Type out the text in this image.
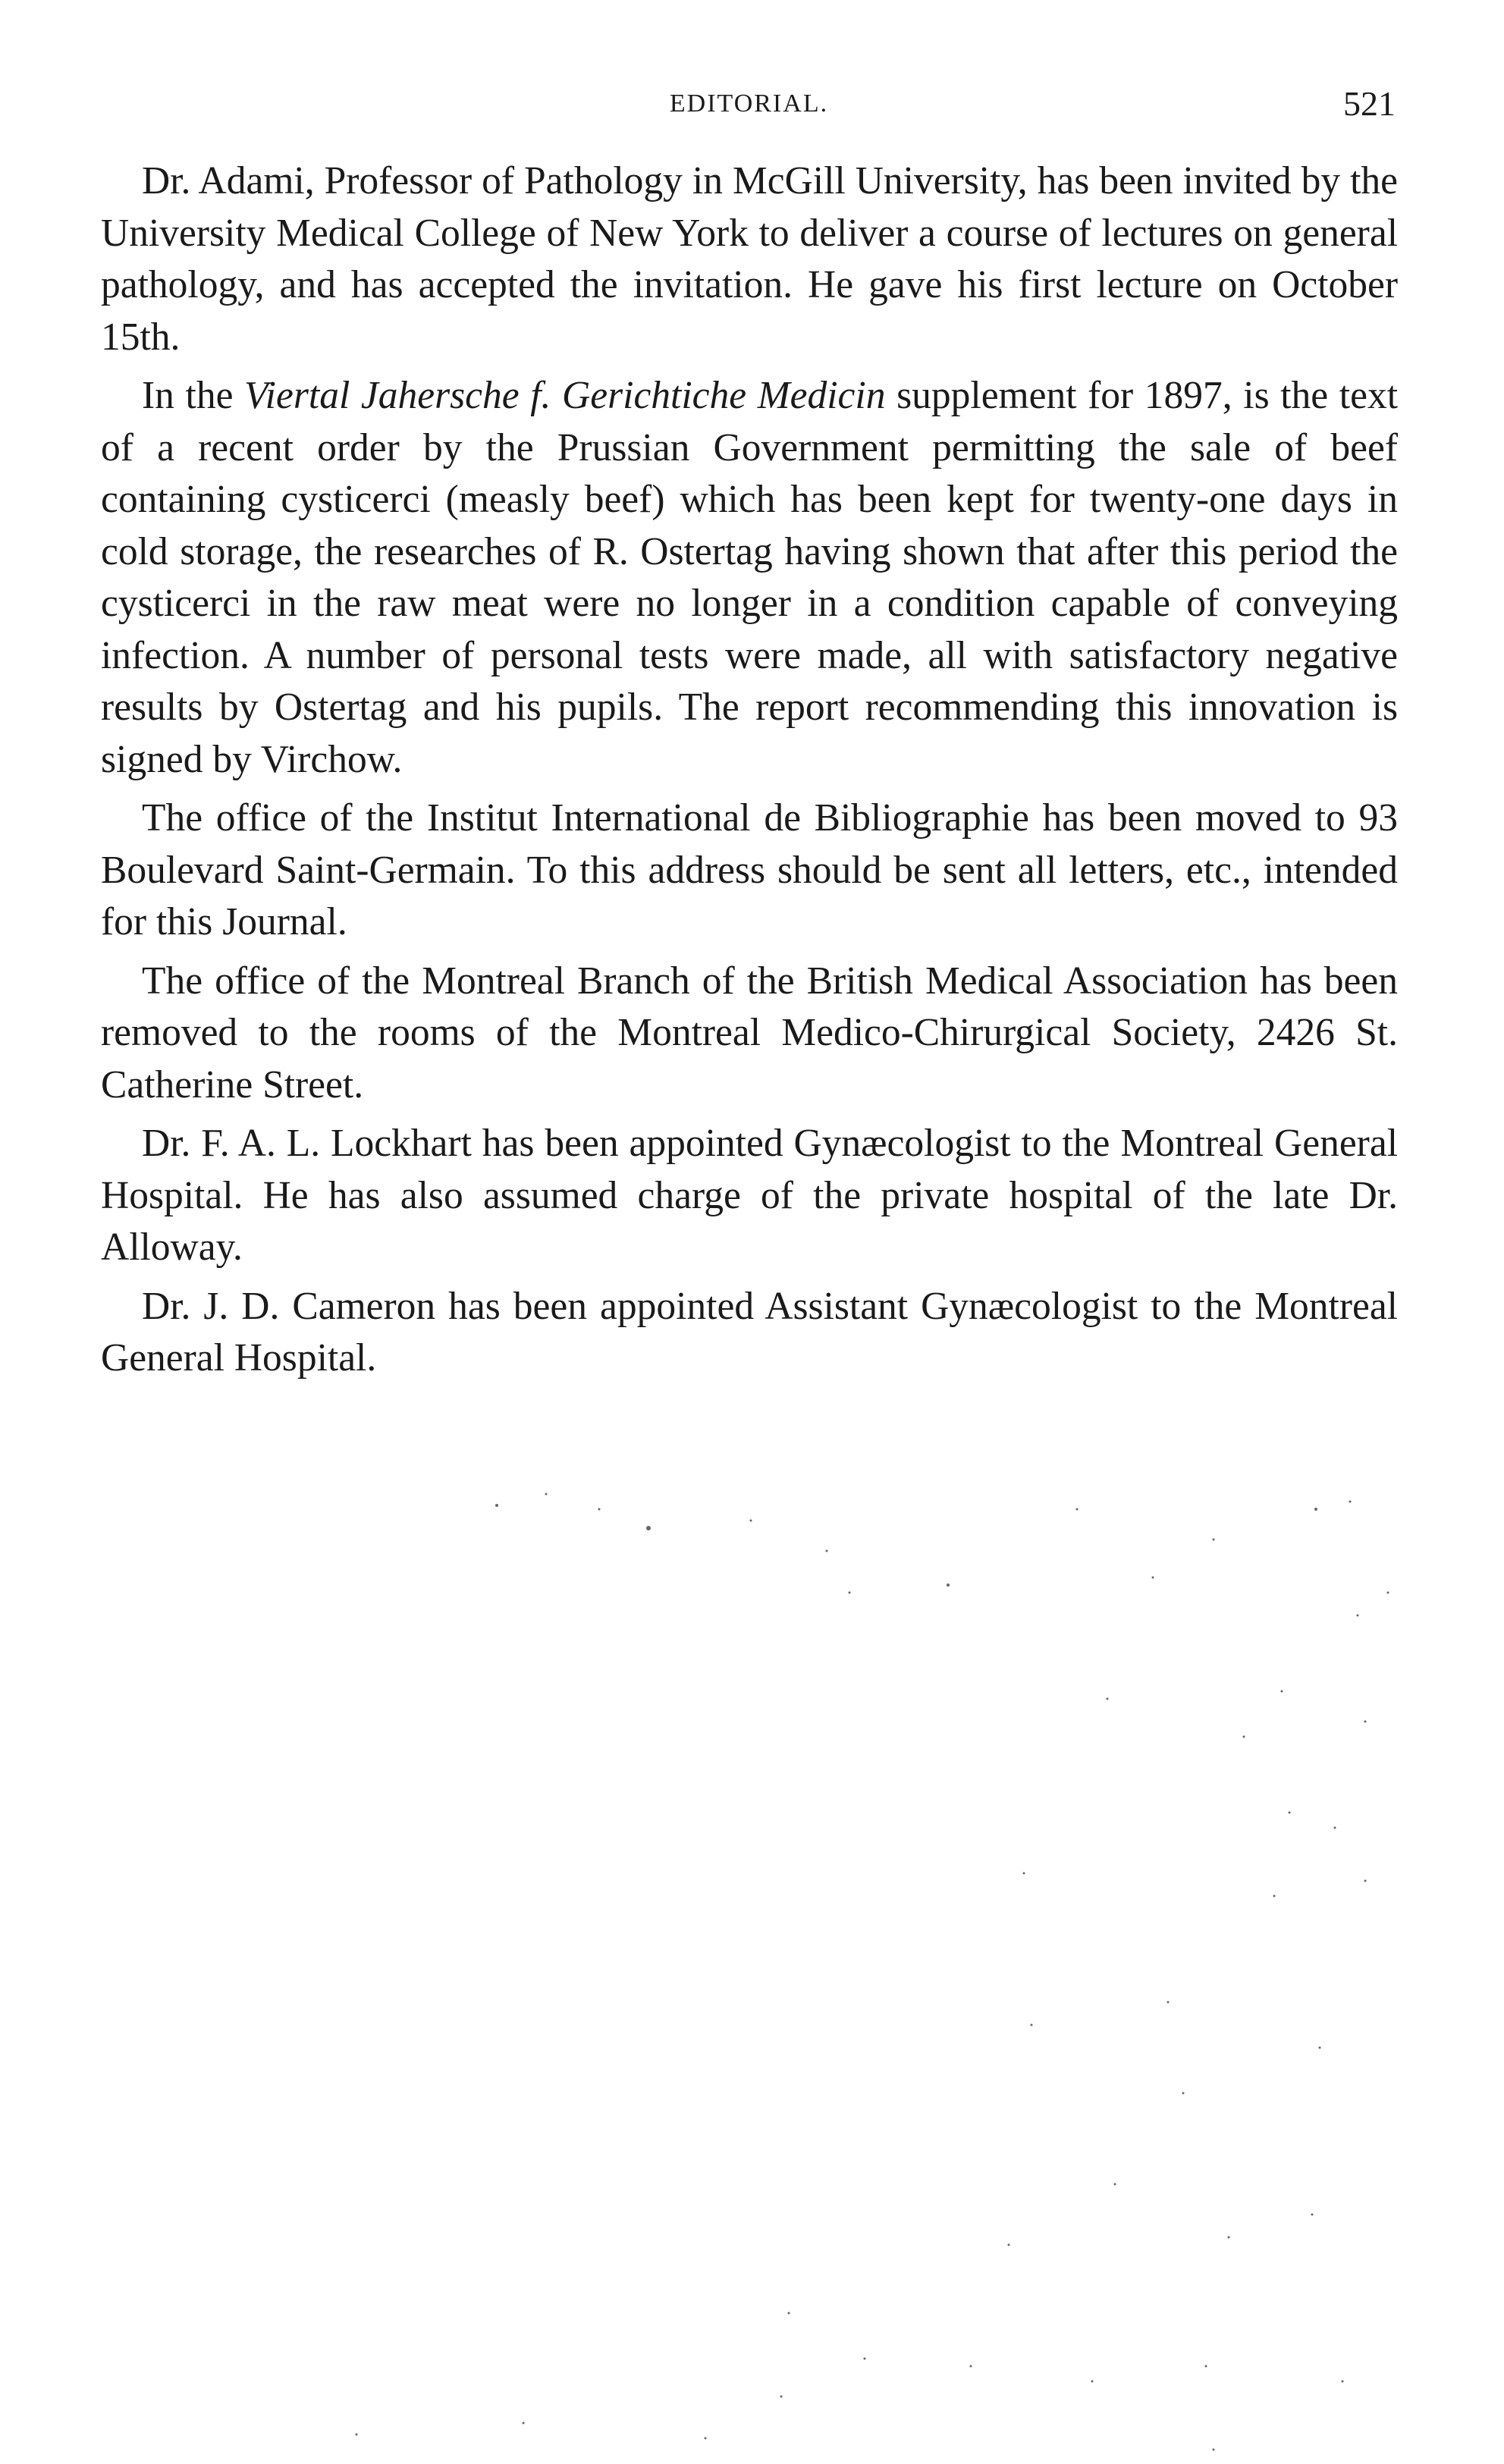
EDITORIAL.	521

Dr. Adami, Professor of Pathology in McGill University, has been invited by the University Medical College of New York to deliver a course of lectures on general pathology, and has accepted the invitation. He gave his first lecture on October 15th.

In the Viertal Jahersche f. Gerichtiche Medicin supplement for 1897, is the text of a recent order by the Prussian Government permitting the sale of beef containing cysticerci (measly beef) which has been kept for twenty-one days in cold storage, the researches of R. Ostertag having shown that after this period the cysticerci in the raw meat were no longer in a condition capable of conveying infection. A number of personal tests were made, all with satisfactory negative results by Ostertag and his pupils. The report recommending this innovation is signed by Virchow.

The office of the Institut International de Bibliographie has been moved to 93 Boulevard Saint-Germain. To this address should be sent all letters, etc., intended for this Journal.

The office of the Montreal Branch of the British Medical Association has been removed to the rooms of the Montreal Medico-Chirurgical Society, 2426 St. Catherine Street.

Dr. F. A. L. Lockhart has been appointed Gynæcologist to the Montreal General Hospital. He has also assumed charge of the private hospital of the late Dr. Alloway.

Dr. J. D. Cameron has been appointed Assistant Gynæcologist to the Montreal General Hospital.
